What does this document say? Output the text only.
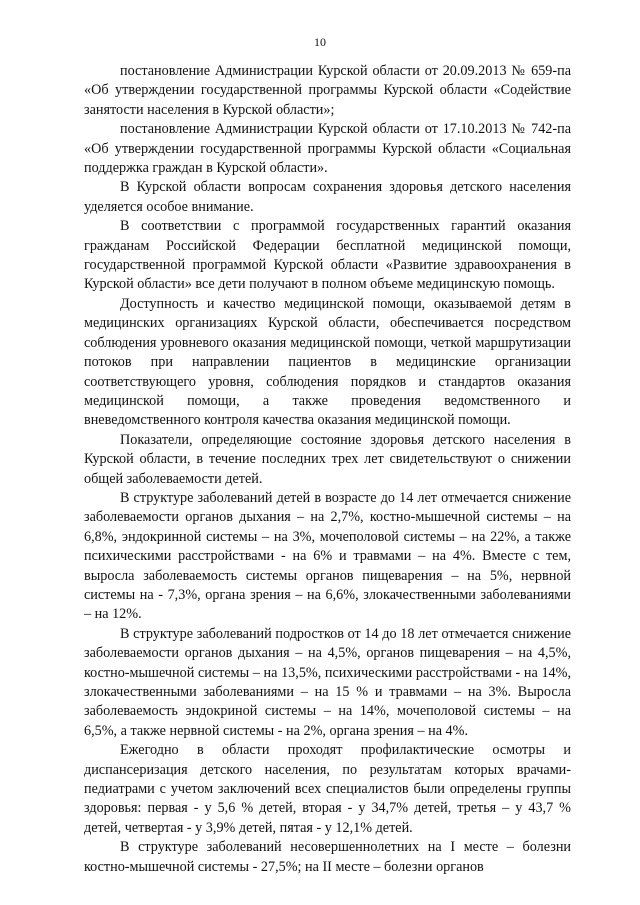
10

постановление Администрации Курской области от 20.09.2013 № 659-па «Об утверждении государственной программы Курской области «Содействие занятости населения в Курской области»;

постановление Администрации Курской области от 17.10.2013 № 742-па «Об утверждении государственной программы Курской области «Социальная поддержка граждан в Курской области».

В Курской области вопросам сохранения здоровья детского населения уделяется особое внимание.

В соответствии с программой государственных гарантий оказания гражданам Российской Федерации бесплатной медицинской помощи, государственной программой Курской области «Развитие здравоохранения в Курской области» все дети получают в полном объеме медицинскую помощь.

Доступность и качество медицинской помощи, оказываемой детям в медицинских организациях Курской области, обеспечивается посредством соблюдения уровневого оказания медицинской помощи, четкой маршрутизации потоков при направлении пациентов в медицинские организации соответствующего уровня, соблюдения порядков и стандартов оказания медицинской помощи, а также проведения ведомственного и вневедомственного контроля качества оказания медицинской помощи.

Показатели, определяющие состояние здоровья детского населения в Курской области, в течение последних трех лет свидетельствуют о снижении общей заболеваемости детей.

В структуре заболеваний детей в возрасте до 14 лет отмечается снижение заболеваемости органов дыхания – на 2,7%, костно-мышечной системы – на 6,8%, эндокринной системы – на 3%, мочеполовой системы – на 22%, а также психическими расстройствами - на 6% и травмами – на 4%. Вместе с тем, выросла заболеваемость системы органов пищеварения – на 5%, нервной системы на - 7,3%, органа зрения – на 6,6%, злокачественными заболеваниями – на 12%.

В структуре заболеваний подростков от 14 до 18 лет отмечается снижение заболеваемости органов дыхания – на 4,5%, органов пищеварения – на 4,5%, костно-мышечной системы – на 13,5%, психическими расстройствами - на 14%, злокачественными заболеваниями – на 15 % и травмами – на 3%. Выросла заболеваемость эндокриной системы – на 14%, мочеполовой системы – на 6,5%, а также нервной системы - на 2%, органа зрения – на 4%.

Ежегодно в области проходят профилактические осмотры и диспансеризация детского населения, по результатам которых врачами-педиатрами с учетом заключений всех специалистов были определены группы здоровья: первая - у 5,6 % детей, вторая - у 34,7% детей, третья – у 43,7 % детей, четвертая - у 3,9% детей, пятая - у 12,1% детей.

В структуре заболеваний несовершеннолетних на I месте – болезни костно-мышечной системы - 27,5%; на II месте – болезни органов
